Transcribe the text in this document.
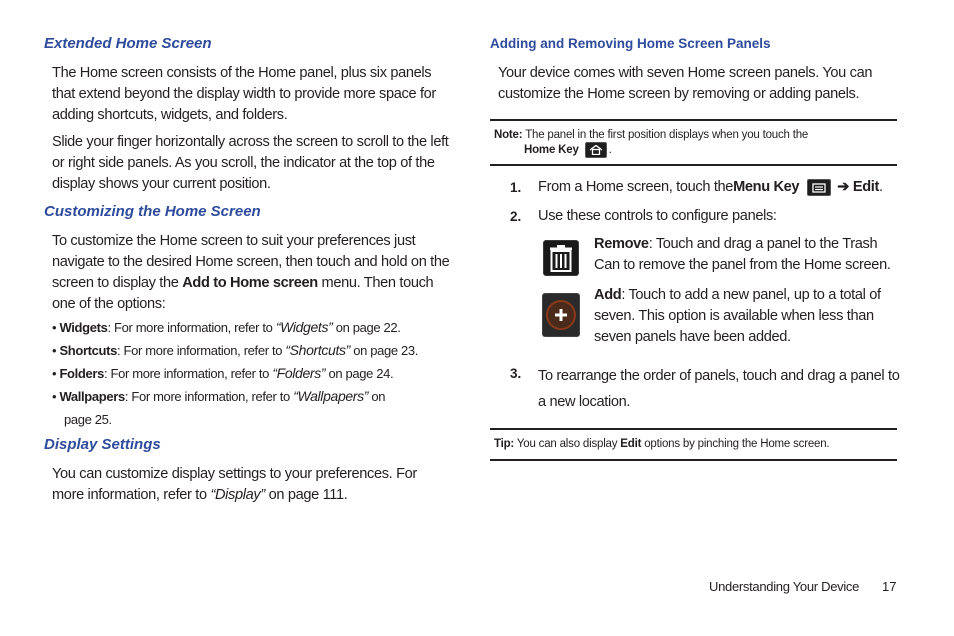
Extended Home Screen
The Home screen consists of the Home panel, plus six panels that extend beyond the display width to provide more space for adding shortcuts, widgets, and folders.
Slide your finger horizontally across the screen to scroll to the left or right side panels. As you scroll, the indicator at the top of the display shows your current position.
Customizing the Home Screen
To customize the Home screen to suit your preferences just navigate to the desired Home screen, then touch and hold on the screen to display the Add to Home screen menu. Then touch one of the options:
• Widgets: For more information, refer to “Widgets” on page 22.
• Shortcuts: For more information, refer to “Shortcuts” on page 23.
• Folders: For more information, refer to “Folders” on page 24.
• Wallpapers: For more information, refer to “Wallpapers” on
page 25.
Display Settings
You can customize display settings to your preferences. For more information, refer to “Display” on page 111.
Adding and Removing Home Screen Panels
Your device comes with seven Home screen panels. You can customize the Home screen by removing or adding panels.
Note: The panel in the first position displays when you touch the
Home Key	.
1. From a Home screen, touch the Menu Key	➔
Edit .
2. Use these controls to configure panels:
Remove: Touch and drag a panel to the Trash Can to remove the panel from the Home screen.
Add: Touch to add a new panel, up to a total of seven. This option is available when less than seven panels have been added.
3. To rearrange the order of panels, touch and drag a panel to a new location.
Tip: You can also display Edit options by pinching the Home screen.
Understanding Your Device 17
